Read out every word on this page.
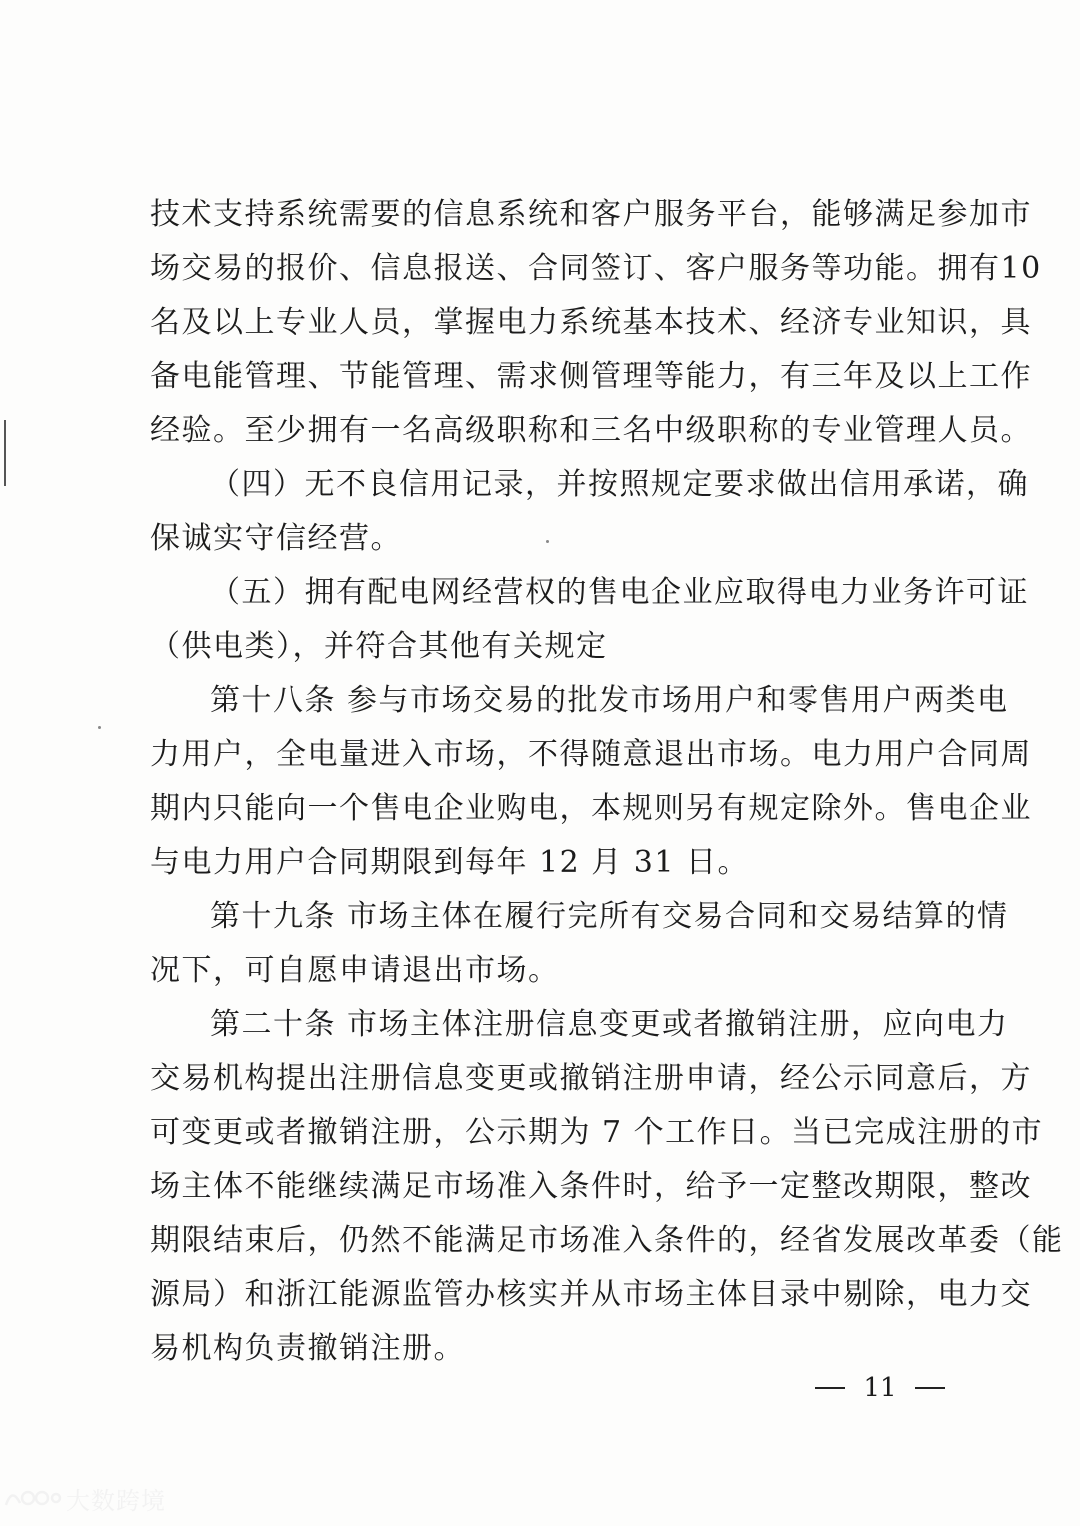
技术支持系统需要的信息系统和客户服务平台，能够满足参加市
场交易的报价、信息报送、合同签订、客户服务等功能。拥有10
名及以上专业人员，掌握电力系统基本技术、经济专业知识，具
备电能管理、节能管理、需求侧管理等能力，有三年及以上工作
经验。至少拥有一名高级职称和三名中级职称的专业管理人员。
（四）无不良信用记录，并按照规定要求做出信用承诺，确
保诚实守信经营。
（五）拥有配电网经营权的售电企业应取得电力业务许可证
（供电类），并符合其他有关规定
第十八条 参与市场交易的批发市场用户和零售用户两类电
力用户，全电量进入市场，不得随意退出市场。电力用户合同周
期内只能向一个售电企业购电，本规则另有规定除外。售电企业
与电力用户合同期限到每年 12 月 31 日。
第十九条 市场主体在履行完所有交易合同和交易结算的情
况下，可自愿申请退出市场。
第二十条 市场主体注册信息变更或者撤销注册，应向电力
交易机构提出注册信息变更或撤销注册申请，经公示同意后，方
可变更或者撤销注册，公示期为 7 个工作日。当已完成注册的市
场主体不能继续满足市场准入条件时，给予一定整改期限，整改
期限结束后，仍然不能满足市场准入条件的，经省发展改革委（能
源局）和浙江能源监管办核实并从市场主体目录中剔除，电力交
易机构负责撤销注册。
11
大数跨境
